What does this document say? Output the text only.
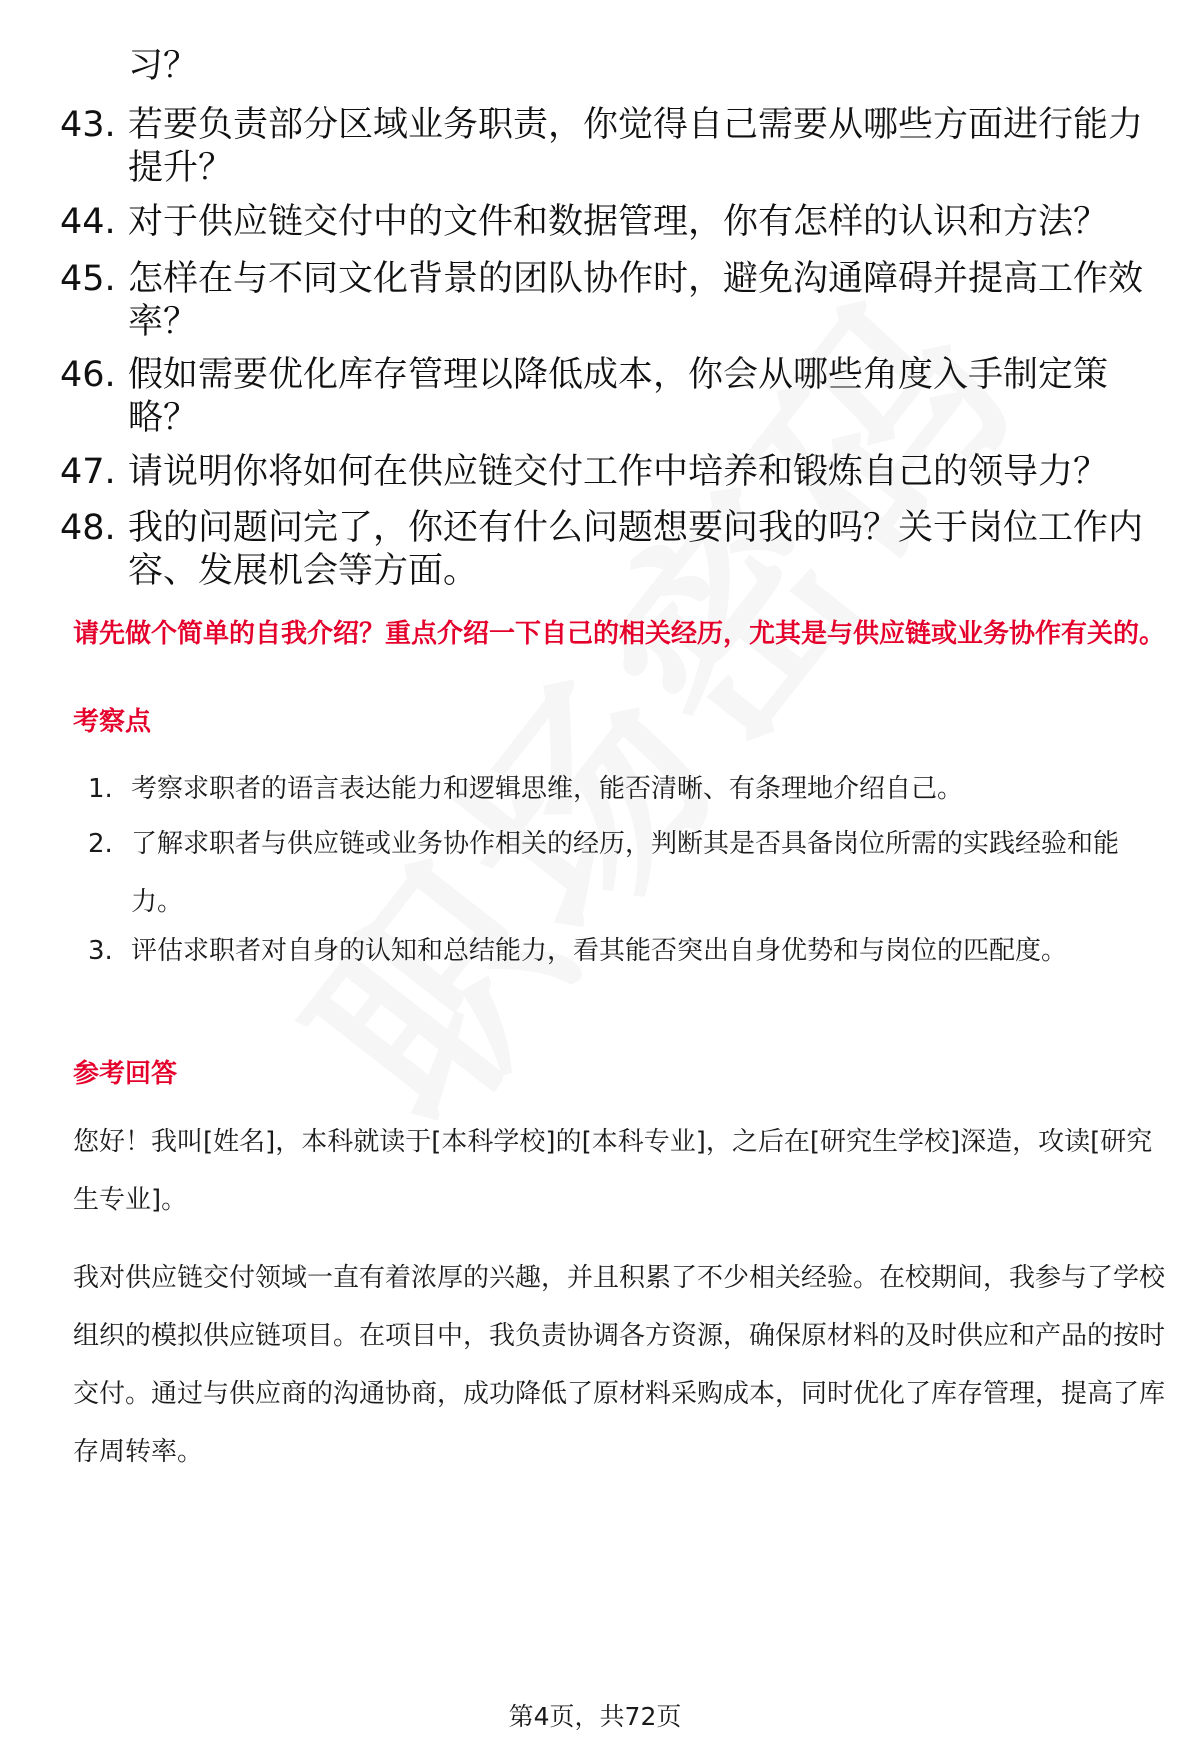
习？
43. 若要负责部分区域业务职责，你觉得自己需要从哪些方面进行能力提升？
44. 对于供应链交付中的文件和数据管理，你有怎样的认识和方法？
45. 怎样在与不同文化背景的团队协作时，避免沟通障碍并提高工作效率？
46. 假如需要优化库存管理以降低成本，你会从哪些角度入手制定策略？
47. 请说明你将如何在供应链交付工作中培养和锻炼自己的领导力？
48. 我的问题问完了，你还有什么问题想要问我的吗？关于岗位工作内容、发展机会等方面。
请先做个简单的自我介绍？重点介绍一下自己的相关经历，尤其是与供应链或业务协作有关的。
考察点
1. 考察求职者的语言表达能力和逻辑思维，能否清晰、有条理地介绍自己。
2. 了解求职者与供应链或业务协作相关的经历，判断其是否具备岗位所需的实践经验和能力。
3. 评估求职者对自身的认知和总结能力，看其能否突出自身优势和与岗位的匹配度。
参考回答
您好！我叫[姓名]，本科就读于[本科学校]的[本科专业]，之后在[研究生学校]深造，攻读[研究生专业]。
我对供应链交付领域一直有着浓厚的兴趣，并且积累了不少相关经验。在校期间，我参与了学校组织的模拟供应链项目。在项目中，我负责协调各方资源，确保原材料的及时供应和产品的按时交付。通过与供应商的沟通协商，成功降低了原材料采购成本，同时优化了库存管理，提高了库存周转率。
第4页，共72页
